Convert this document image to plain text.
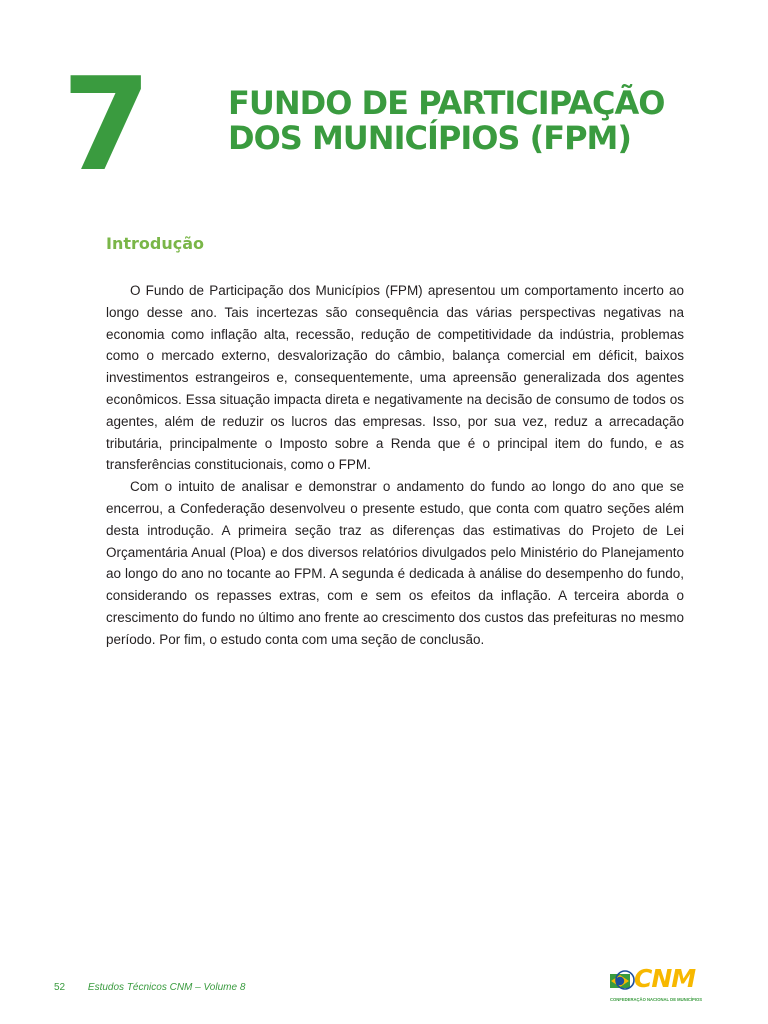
7	FUNDO DE PARTICIPAÇÃO
DOS MUNICÍPIOS (FPM)
Introdução

O Fundo de Participação dos Municípios (FPM) apresentou um comportamento incerto ao longo desse ano. Tais incertezas são consequência das várias perspectivas negativas na economia como inflação alta, recessão, redução de competitividade da indústria, problemas como o mercado externo, desvalorização do câmbio, balança comercial em déficit, baixos investimentos estrangeiros e, consequentemente, uma apreensão generalizada dos agentes econômicos. Essa situação impacta direta e negativamente na decisão de consumo de todos os agentes, além de reduzir os lucros das empresas. Isso, por sua vez, reduz a arrecadação tributária, principalmente o Imposto sobre a Renda que é o principal item do fundo, e as transferências constitucionais, como o FPM.

Com o intuito de analisar e demonstrar o andamento do fundo ao longo do ano que se encerrou, a Confederação desenvolveu o presente estudo, que conta com quatro seções além desta introdução. A primeira seção traz as diferenças das estimativas do Projeto de Lei Orçamentária Anual (Ploa) e dos diversos relatórios divulgados pelo Ministério do Planejamento ao longo do ano no tocante ao FPM. A segunda é dedicada à análise do desempenho do fundo, considerando os repasses extras, com e sem os efeitos da inflação. A terceira aborda o crescimento do fundo no último ano frente ao crescimento dos custos das prefeituras no mesmo período. Por fim, o estudo conta com uma seção de conclusão.

52 Estudos Técnicos CNM – Volume 8	CNM
CONFEDERAÇÃO NACIONAL DE MUNICÍPIOS
